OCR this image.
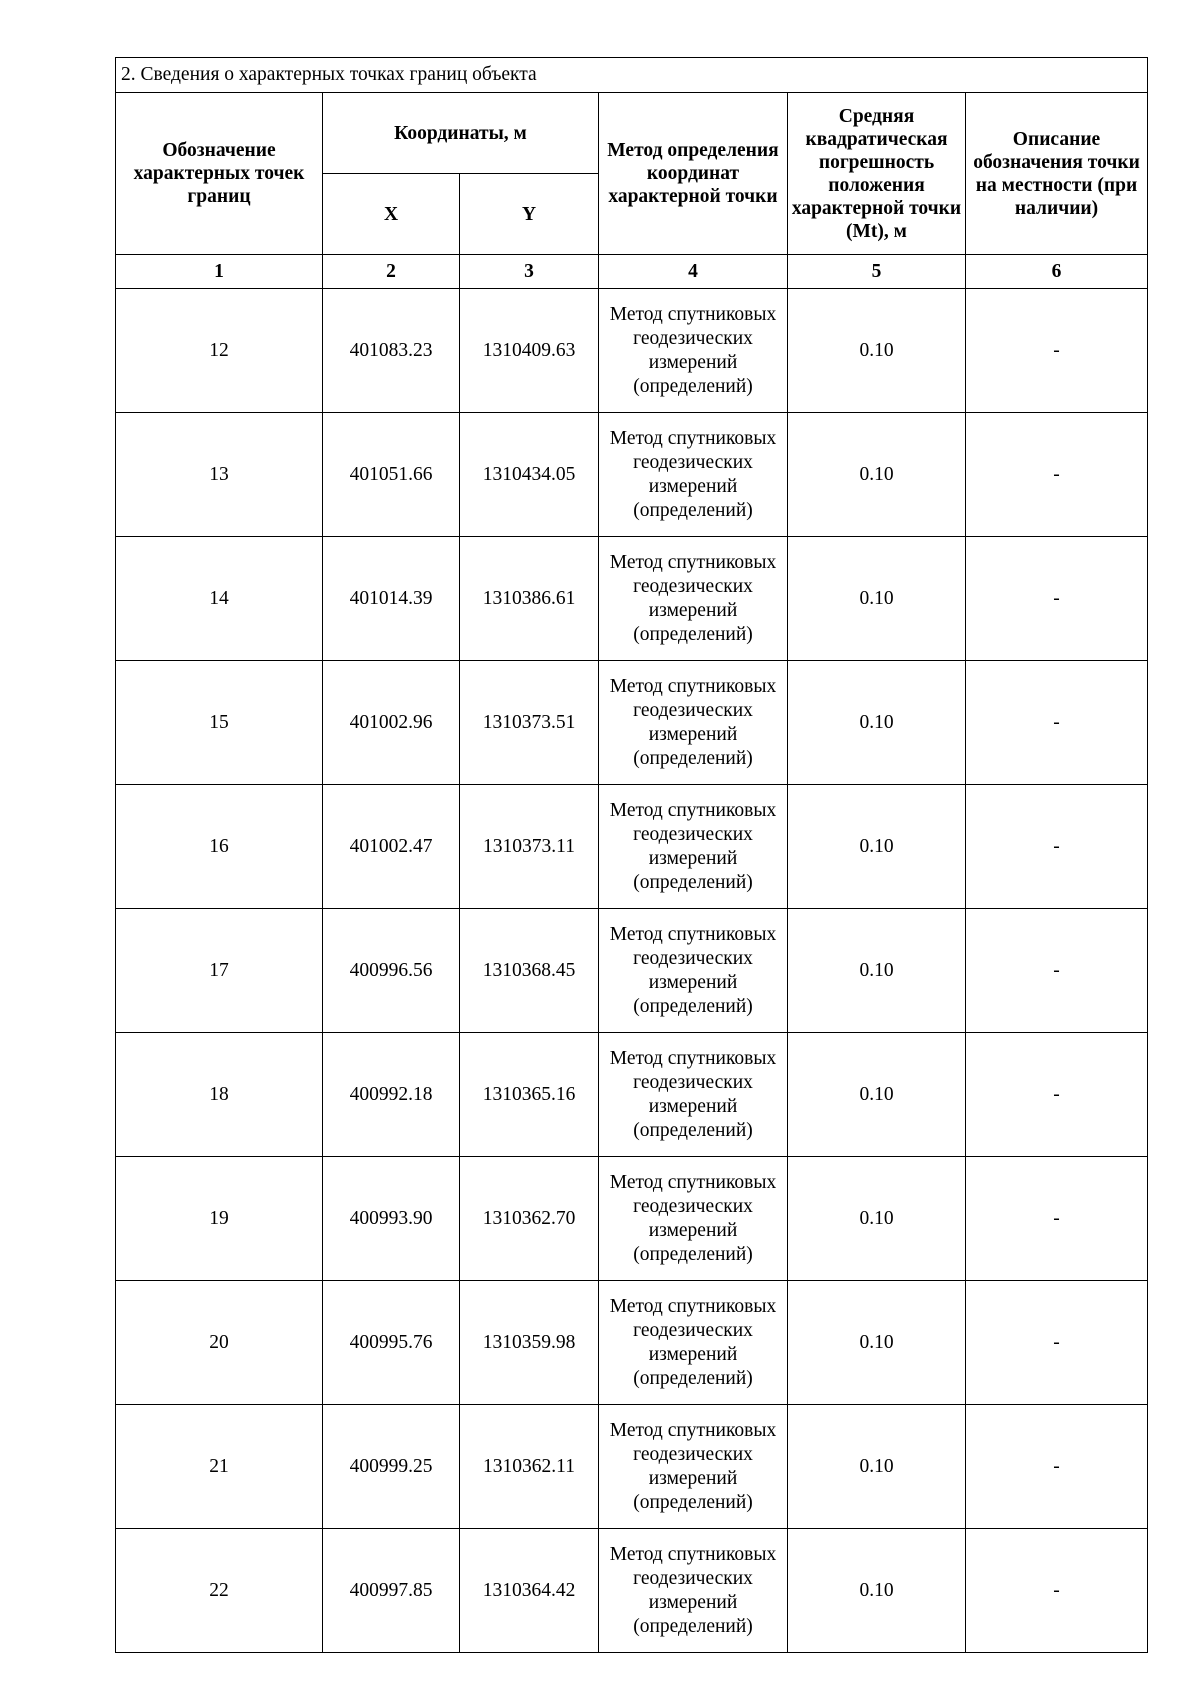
2. Сведения о характерных точках границ объекта					
Обозначение характерных точек границ	Координаты, м		Метод определения координат характерной точки	Средняя квадратическая погрешность положения характерной точки (Mt), м	Описание обозначения точки на местности (при наличии)
	X	Y			
1	2	3	4	5	6
12	401083.23	1310409.63	Метод спутниковых геодезических измерений (определений)	0.10	-
13	401051.66	1310434.05	Метод спутниковых геодезических измерений (определений)	0.10	-
14	401014.39	1310386.61	Метод спутниковых геодезических измерений (определений)	0.10	-
15	401002.96	1310373.51	Метод спутниковых геодезических измерений (определений)	0.10	-
16	401002.47	1310373.11	Метод спутниковых геодезических измерений (определений)	0.10	-
17	400996.56	1310368.45	Метод спутниковых геодезических измерений (определений)	0.10	-
18	400992.18	1310365.16	Метод спутниковых геодезических измерений (определений)	0.10	-
19	400993.90	1310362.70	Метод спутниковых геодезических измерений (определений)	0.10	-
20	400995.76	1310359.98	Метод спутниковых геодезических измерений (определений)	0.10	-
21	400999.25	1310362.11	Метод спутниковых геодезических измерений (определений)	0.10	-
22	400997.85	1310364.42	Метод спутниковых геодезических измерений (определений)	0.10	-
